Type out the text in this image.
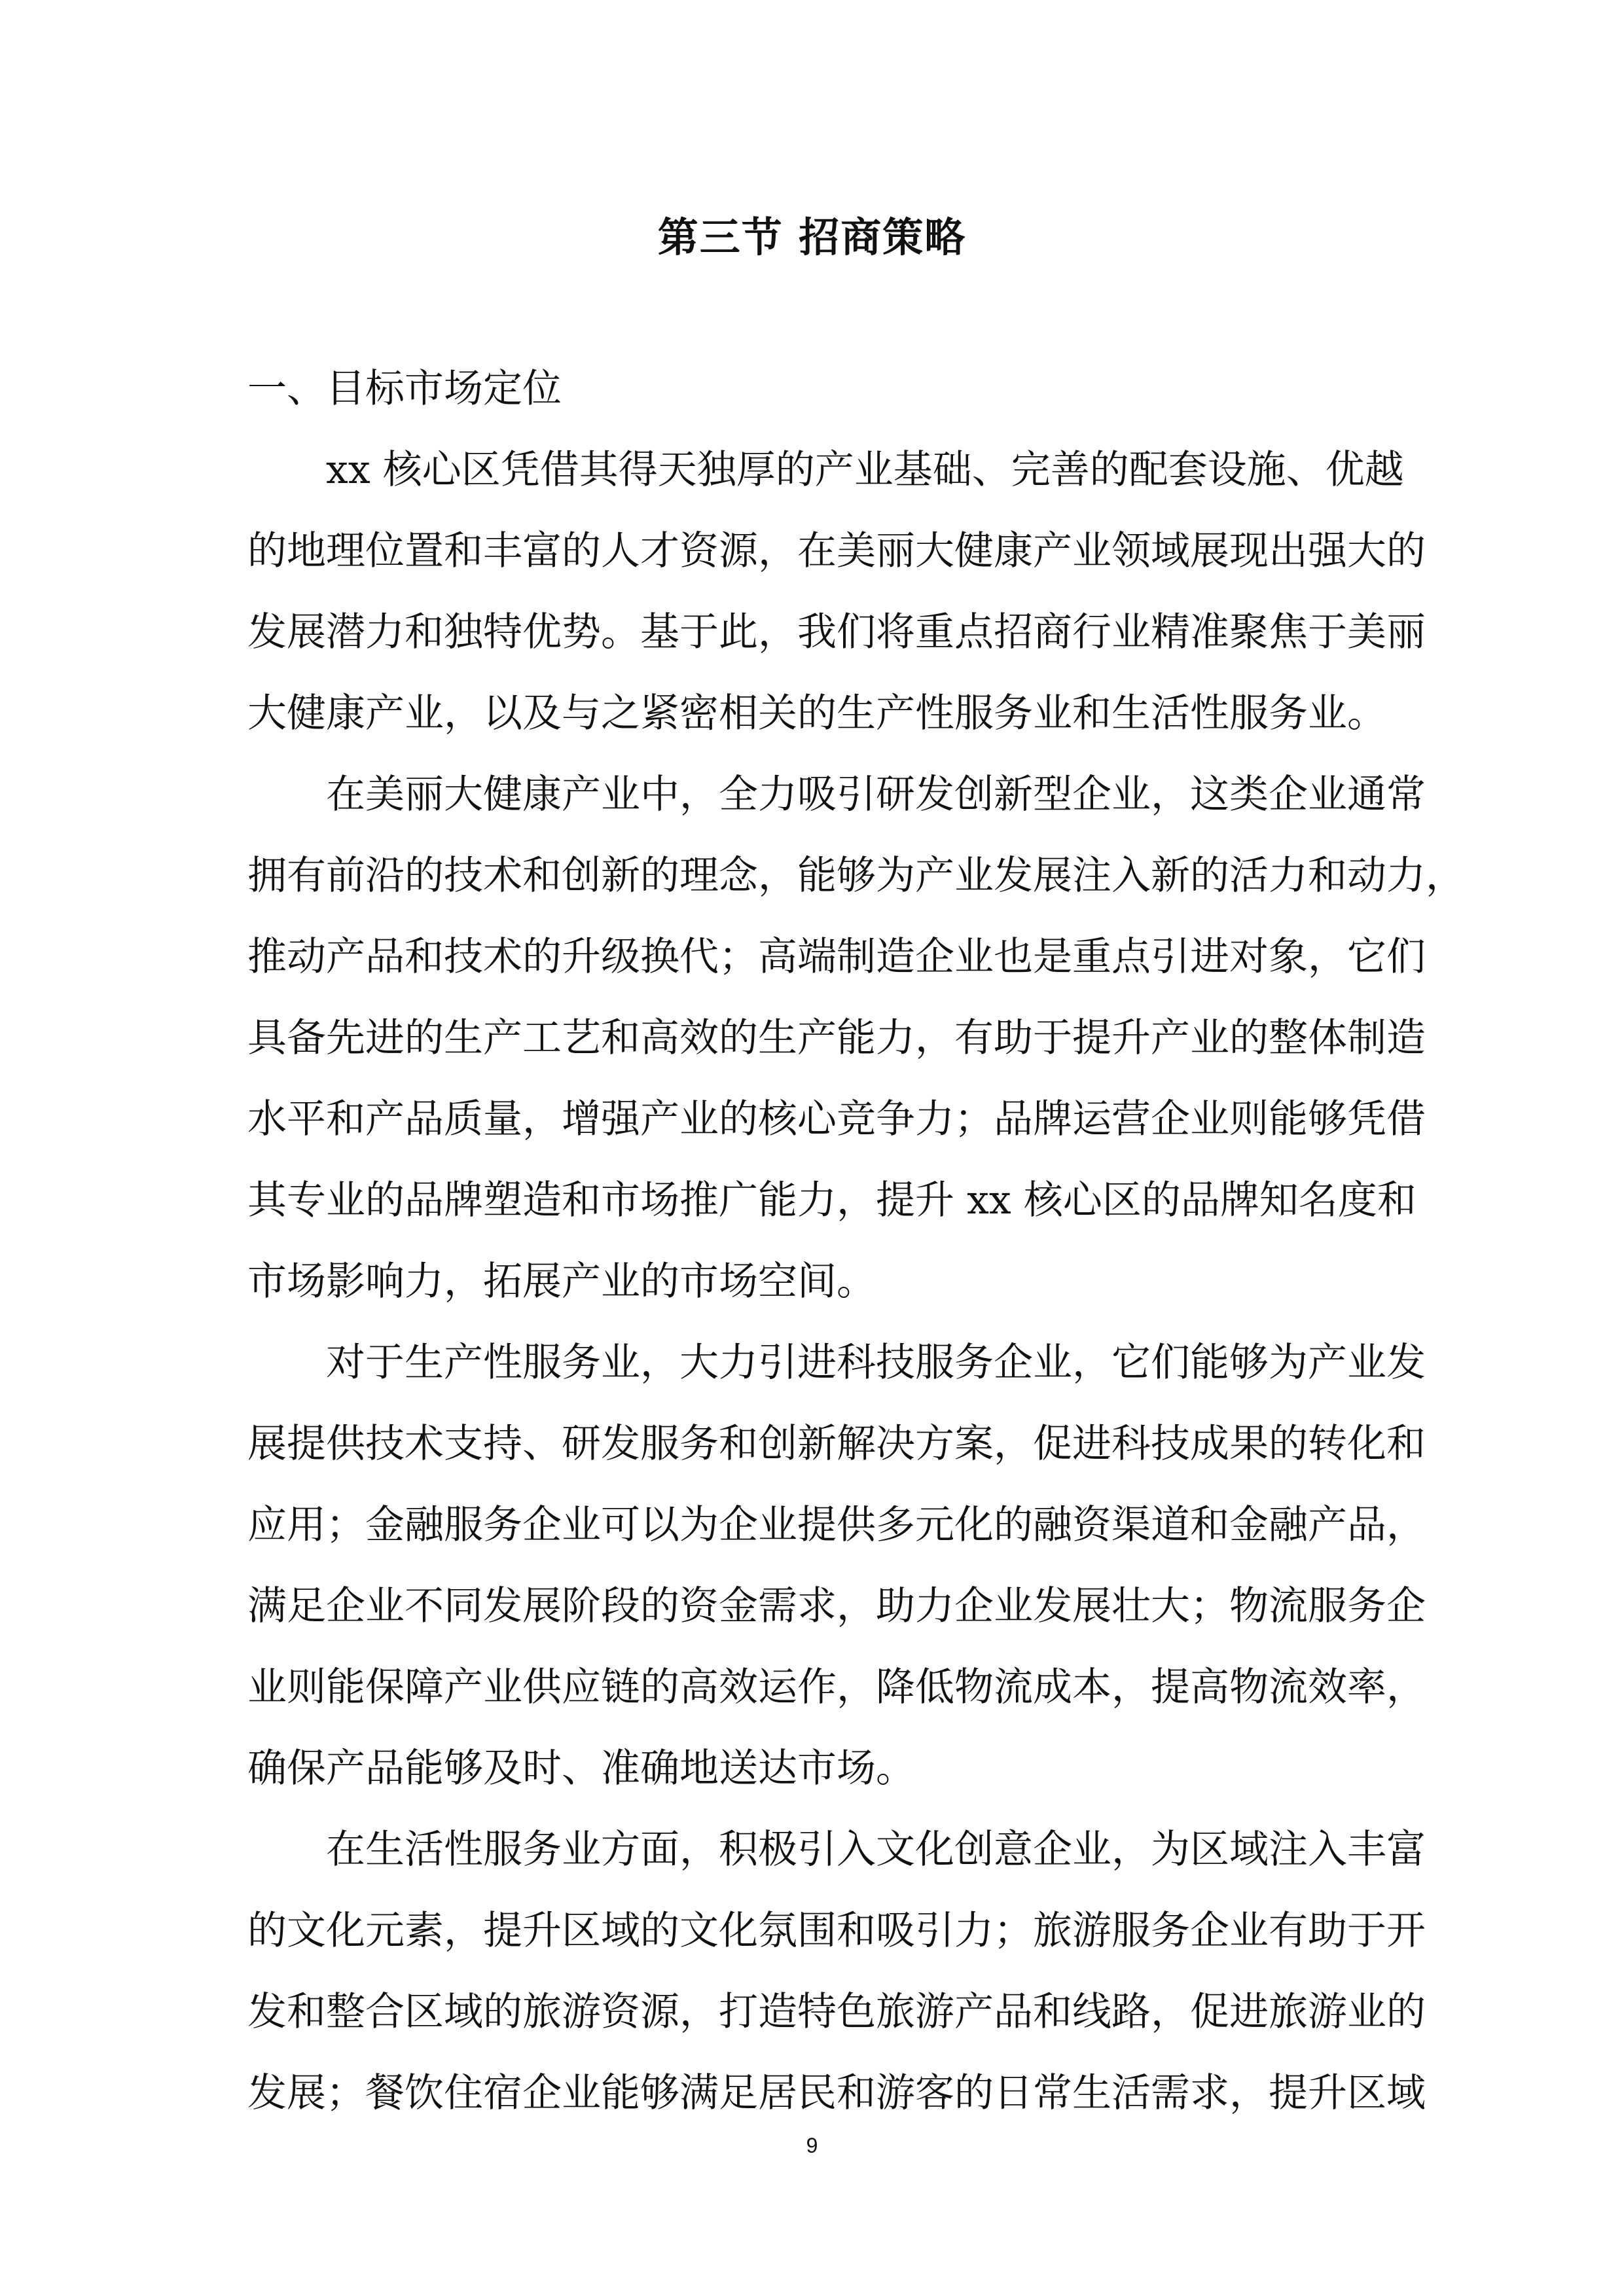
第三节 招商策略
一、目标市场定位
xx 核心区凭借其得天独厚的产业基础、完善的配套设施、优越
的地理位置和丰富的人才资源，在美丽大健康产业领域展现出强大的
发展潜力和独特优势。基于此，我们将重点招商行业精准聚焦于美丽
大健康产业，以及与之紧密相关的生产性服务业和生活性服务业。
在美丽大健康产业中，全力吸引研发创新型企业，这类企业通常
拥有前沿的技术和创新的理念，能够为产业发展注入新的活力和动力，
推动产品和技术的升级换代；高端制造企业也是重点引进对象，它们
具备先进的生产工艺和高效的生产能力，有助于提升产业的整体制造
水平和产品质量，增强产业的核心竞争力；品牌运营企业则能够凭借
其专业的品牌塑造和市场推广能力，提升 xx 核心区的品牌知名度和
市场影响力，拓展产业的市场空间。
对于生产性服务业，大力引进科技服务企业，它们能够为产业发
展提供技术支持、研发服务和创新解决方案，促进科技成果的转化和
应用；金融服务企业可以为企业提供多元化的融资渠道和金融产品，
满足企业不同发展阶段的资金需求，助力企业发展壮大；物流服务企
业则能保障产业供应链的高效运作，降低物流成本，提高物流效率，
确保产品能够及时、准确地送达市场。
在生活性服务业方面，积极引入文化创意企业，为区域注入丰富
的文化元素，提升区域的文化氛围和吸引力；旅游服务企业有助于开
发和整合区域的旅游资源，打造特色旅游产品和线路，促进旅游业的
发展；餐饮住宿企业能够满足居民和游客的日常生活需求，提升区域
9
